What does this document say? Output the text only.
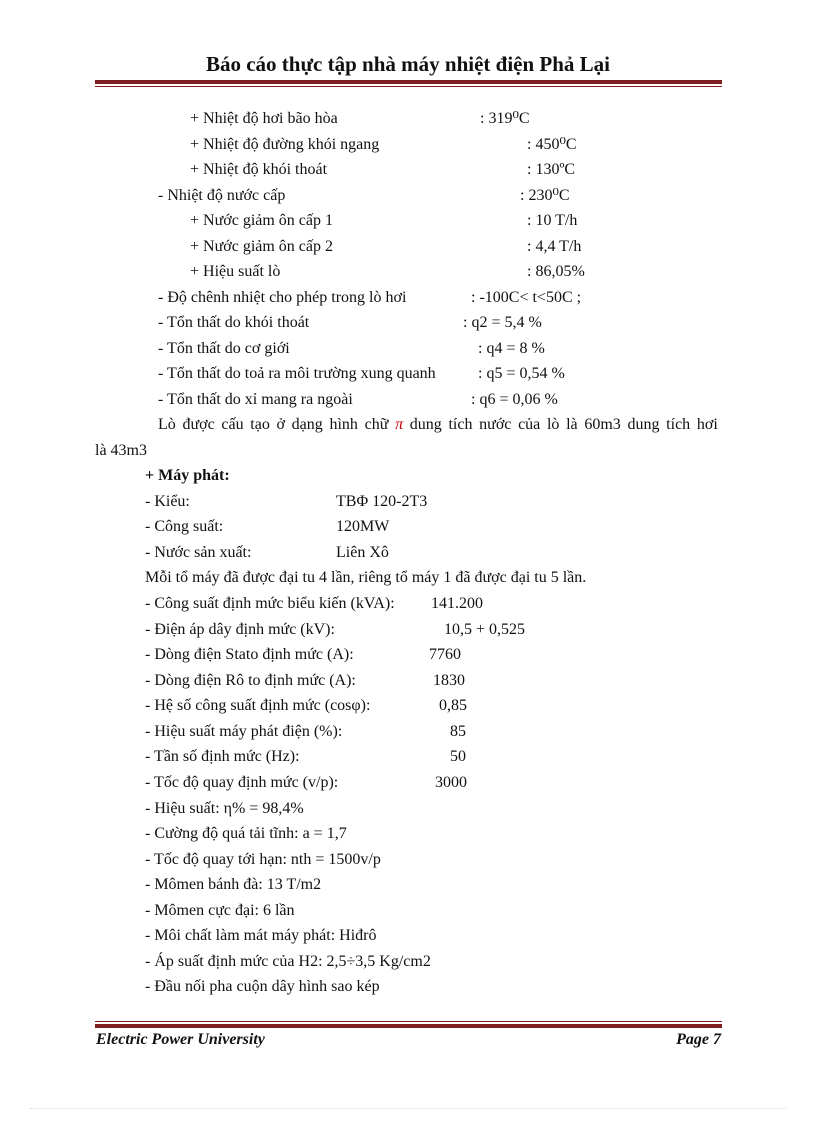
Báo cáo thực tập nhà máy nhiệt điện Phả Lại
+ Nhiệt độ hơi bão hòa	: 319⁰C
+ Nhiệt độ đường khói ngang	: 450⁰C
+ Nhiệt độ khói thoát	: 130ºC
- Nhiệt độ nước cấp	: 230⁰C
+ Nước giảm ôn cấp 1	: 10 T/h
+ Nước giảm ôn cấp 2	: 4,4 T/h
+ Hiệu suất lò	: 86,05%
- Độ chênh nhiệt cho phép trong lò hơi	: -100C< t<50C ;
- Tổn thất do khói thoát	: q2 = 5,4 %
- Tổn thất do cơ giới	: q4 = 8 %
- Tổn thất do toả ra môi trường xung quanh	: q5 = 0,54 %
- Tổn thất do xỉ mang ra ngoài	: q6 = 0,06 %
Lò được cấu tạo ở dạng hình chữ π dung tích nước của lò là 60m3 dung tích hơi
là 43m3
+ Máy phát:
- Kiểu:	TBΦ 120-2T3
- Công suất:	120MW
- Nước sản xuất:	Liên Xô
Mỗi tổ máy đã được đại tu 4 lần, riêng tổ máy 1 đã được đại tu 5 lần.
- Công suất định mức biểu kiến (kVA): 141.200
- Điện áp dây định mức (kV):	10,5 + 0,525
- Dòng điện Stato định mức (A):	7760
- Dòng điện Rô to định mức (A):	1830
- Hệ số công suất định mức (cosφ):	0,85
- Hiệu suất máy phát điện (%):	85
- Tần số định mức (Hz):	50
- Tốc độ quay định mức (v/p):	3000
- Hiệu suất: η% = 98,4%
- Cường độ quá tải tĩnh: a = 1,7
- Tốc độ quay tới hạn: nth = 1500v/p
- Mômen bánh đà: 13 T/m2
- Mômen cực đại: 6 lần
- Môi chất làm mát máy phát: Hiđrô
- Áp suất định mức của H2: 2,5÷3,5 Kg/cm2
- Đầu nối pha cuộn dây hình sao kép
Electric Power University	Page 7
